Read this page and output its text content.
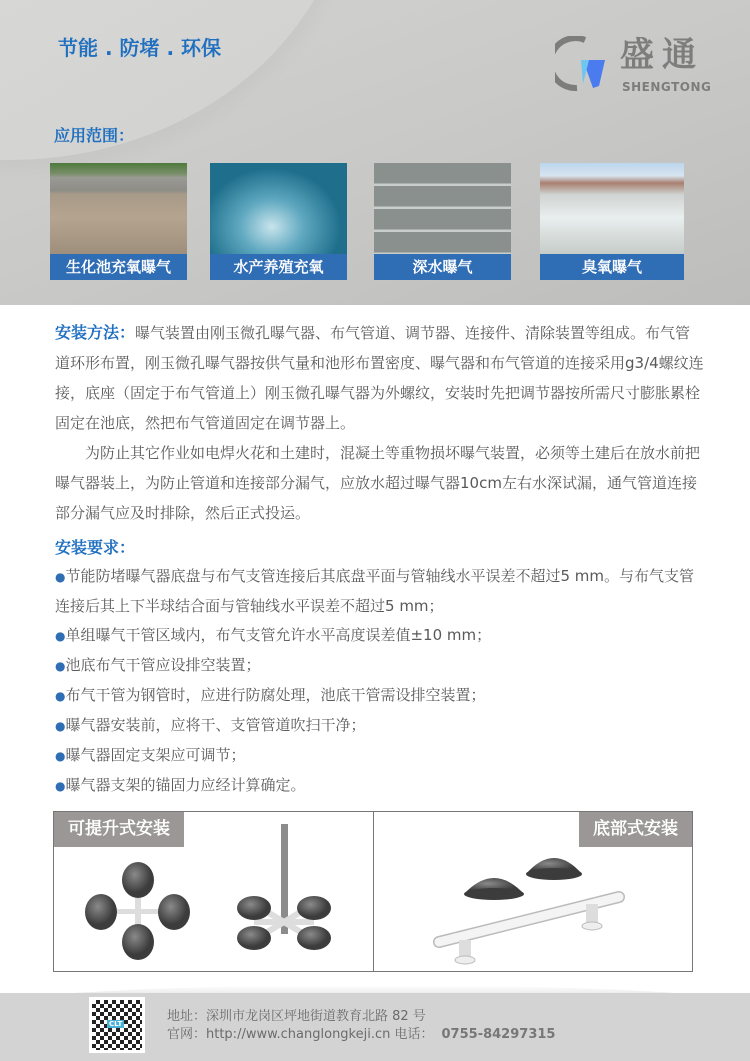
节能 . 防堵 . 环保	盛通
SHENGTONG
应用范围：
生化池充氧曝气	水产养殖充氧	深水曝气	臭氧曝气
安装方法：曝气装置由刚玉微孔曝气器、布气管道、调节器、连接件、清除装置等组成。布气管道环形布置，刚玉微孔曝气器按供气量和池形布置密度、曝气器和布气管道的连接采用g3/4螺纹连接，底座（固定于布气管道上）刚玉微孔曝气器为外螺纹，安装时先把调节器按所需尺寸膨胀累栓固定在池底，然把布气管道固定在调节器上。
为防止其它作业如电焊火花和土建时，混凝土等重物损坏曝气装置，必须等土建后在放水前把曝气器装上，为防止管道和连接部分漏气，应放水超过曝气器10cm左右水深试漏，通气管道连接部分漏气应及时排除，然后正式投运。
安装要求：
● 节能防堵曝气器底盘与布气支管连接后其底盘平面与管轴线水平误差不超过5 mm。与布气支管连接后其上下半球结合面与管轴线水平误差不超过5 mm；
● 单组曝气干管区域内，布气支管允许水平高度误差值±10 mm；
● 池底布气干管应设排空装置；
● 布气干管为钢管时，应进行防腐处理，池底干管需设排空装置；
● 曝气器安装前，应将干、支管管道吹扫干净；
● 曝气器固定支架应可调节；
● 曝气器支架的锚固力应经计算确定。
可提升式安装	底部式安装
CLT	地址：深圳市龙岗区坪地街道教育北路 82 号
官网：http://www.changlongkeji.cn 电话： 0755-84297315
